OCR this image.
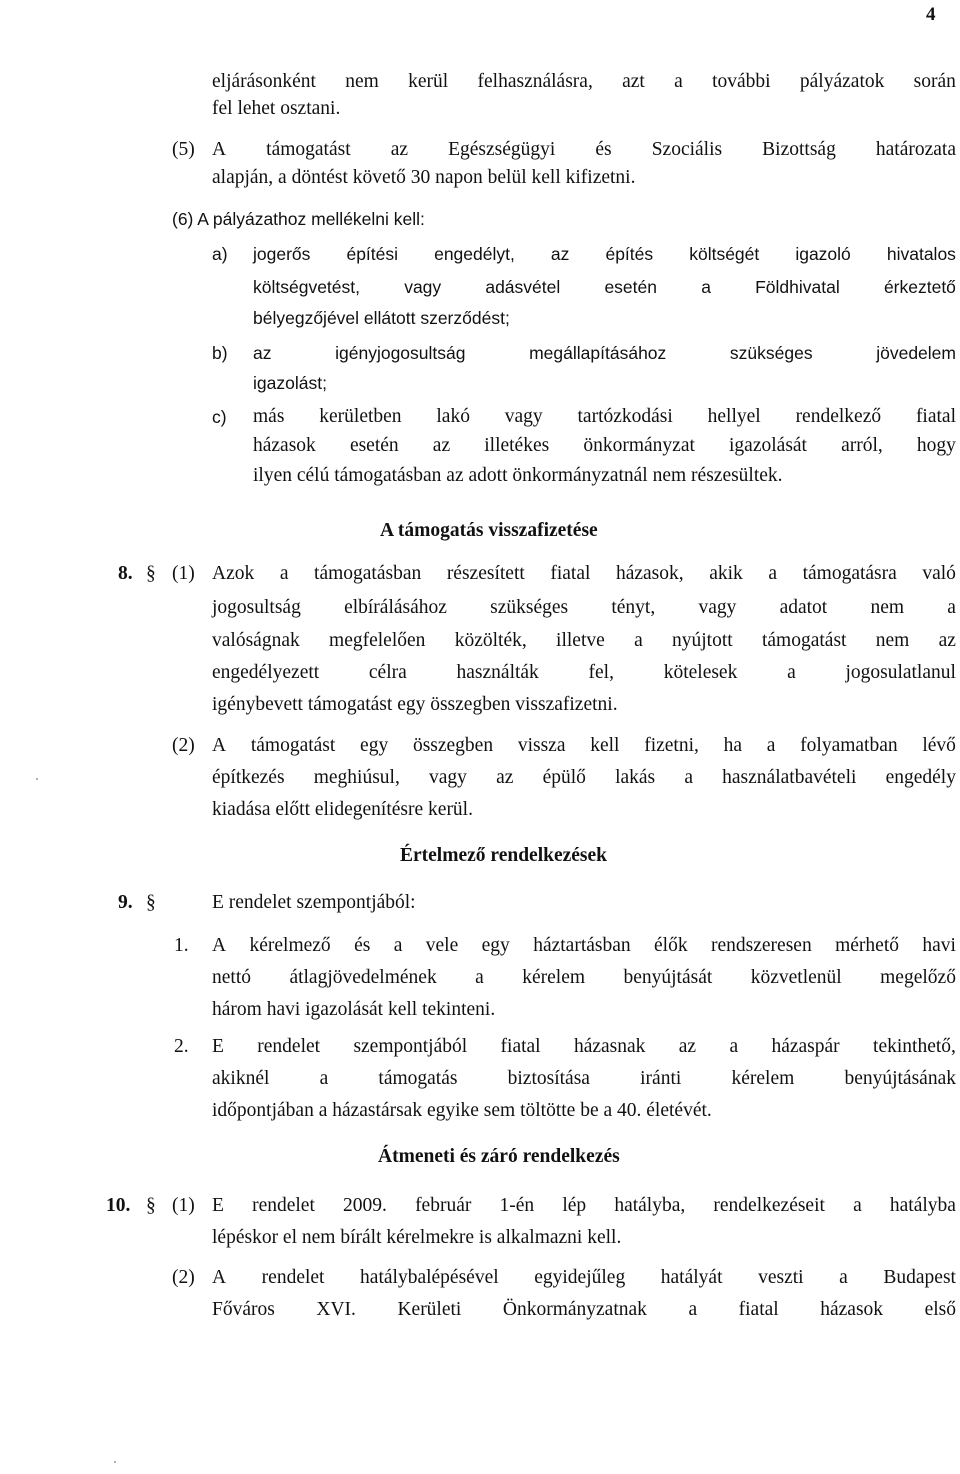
4
eljárásonként nem kerül felhasználásra, azt a további pályázatok során
fel lehet osztani.
(5) A támogatást az Egészségügyi és Szociális Bizottság határozata
alapján, a döntést követő 30 napon belül kell kifizetni.
(6) A pályázathoz mellékelni kell:
a) jogerős építési engedélyt, az építés költségét igazoló hivatalos
költségvetést,	vagy	adásvétel	esetén	a	Földhivatal	érkeztető
bélyegzőjével ellátott szerződést;
b) az	igényjogosultság	megállapításához	szükséges	jövedelem
igazolást;
c) más kerületben lakó vagy tartózkodási hellyel rendelkező fiatal
házasok esetén az illetékes önkormányzat igazolását arról, hogy
ilyen célú támogatásban az adott önkormányzatnál nem részesültek.
A támogatás visszafizetése
8. § (1) Azok a támogatásban részesített fiatal házasok, akik a támogatásra való
jogosultság elbírálásához szükséges tényt, vagy adatot nem a
valóságnak megfelelően közölték, illetve a nyújtott támogatást nem az
engedélyezett	célra	használták	fel,	kötelesek	a	jogosulatlanul
igénybevett támogatást egy összegben visszafizetni.
(2) A támogatást egy összegben vissza kell fizetni, ha a folyamatban lévő
építkezés meghiúsul, vagy az épülő lakás a használatbavételi engedély
kiadása előtt elidegenítésre kerül.
Értelmező rendelkezések
9. §	E rendelet szempontjából:
1. A kérelmező és a vele egy háztartásban élők rendszeresen mérhető havi
nettó átlagjövedelmének a kérelem benyújtását közvetlenül megelőző
három havi igazolását kell tekinteni.
2. E rendelet szempontjából fiatal házasnak az a házaspár tekinthető,
akiknél	a	támogatás	biztosítása	iránti	kérelem	benyújtásának
időpontjában a házastársak egyike sem töltötte be a 40. életévét.
Átmeneti és záró rendelkezés
10. § (1) E rendelet 2009. február 1-én lép hatályba, rendelkezéseit a hatályba
lépéskor el nem bírált kérelmekre is alkalmazni kell.
(2) A rendelet hatálybalépésével egyidejűleg hatályát veszti a Budapest
Főváros XVI. Kerületi Önkormányzatnak a fiatal házasok első
